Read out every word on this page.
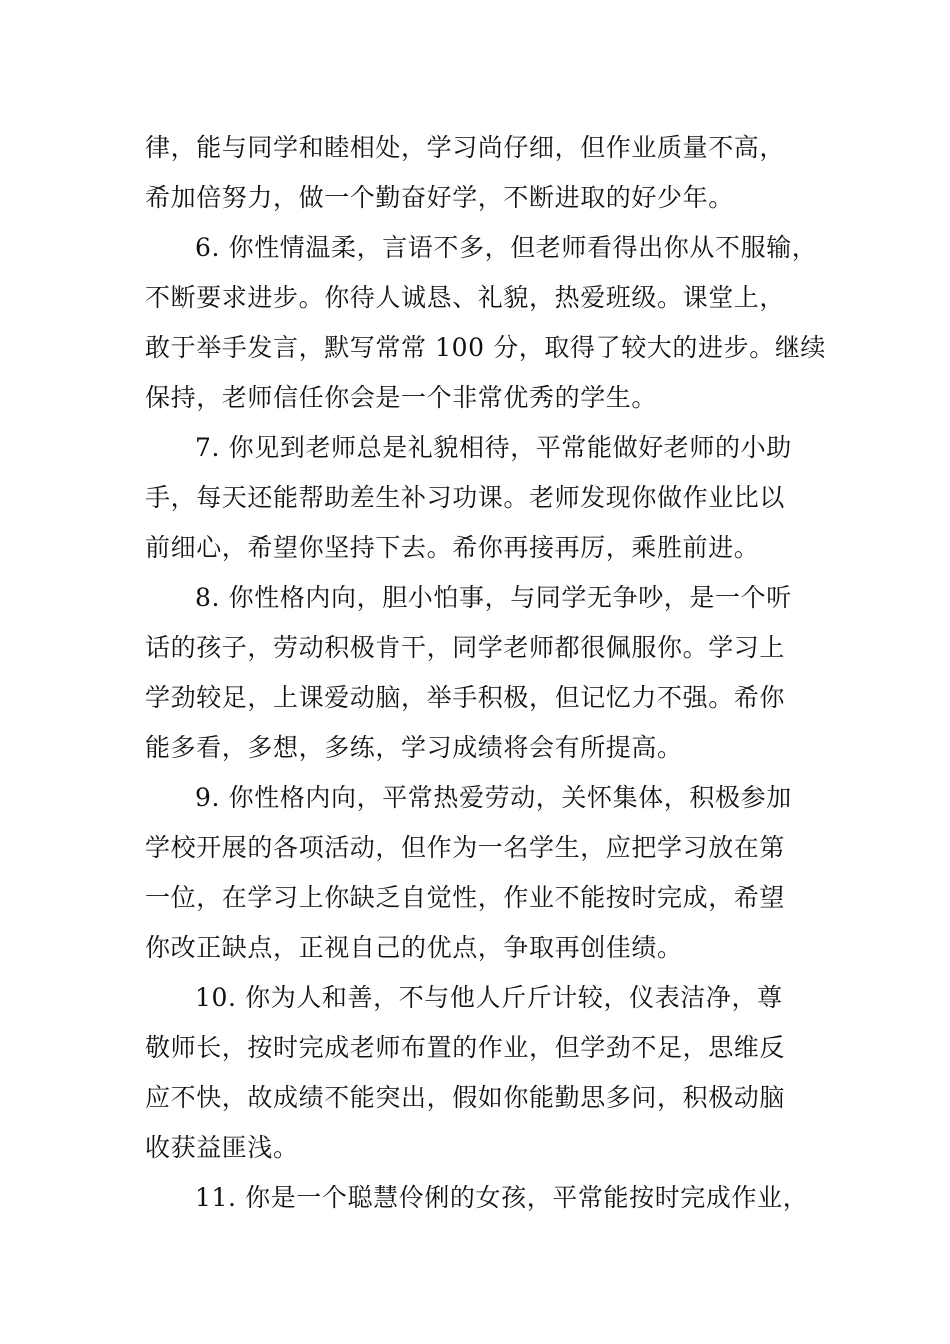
律，能与同学和睦相处，学习尚仔细，但作业质量不高，
希加倍努力，做一个勤奋好学，不断进取的好少年。
6. 你性情温柔，言语不多，但老师看得出你从不服输，
不断要求进步。你待人诚恳、礼貌，热爱班级。课堂上，
敢于举手发言，默写常常 100 分，取得了较大的进步。继续
保持，老师信任你会是一个非常优秀的学生。
7. 你见到老师总是礼貌相待，平常能做好老师的小助
手，每天还能帮助差生补习功课。老师发现你做作业比以
前细心，希望你坚持下去。希你再接再厉，乘胜前进。
8. 你性格内向，胆小怕事，与同学无争吵，是一个听
话的孩子，劳动积极肯干，同学老师都很佩服你。学习上
学劲较足，上课爱动脑，举手积极，但记忆力不强。希你
能多看，多想，多练，学习成绩将会有所提高。
9. 你性格内向，平常热爱劳动，关怀集体，积极参加
学校开展的各项活动，但作为一名学生，应把学习放在第
一位，在学习上你缺乏自觉性，作业不能按时完成，希望
你改正缺点，正视自己的优点，争取再创佳绩。
10. 你为人和善，不与他人斤斤计较，仪表洁净，尊
敬师长，按时完成老师布置的作业，但学劲不足，思维反
应不快，故成绩不能突出，假如你能勤思多问，积极动脑
收获益匪浅。
11. 你是一个聪慧伶俐的女孩，平常能按时完成作业，
